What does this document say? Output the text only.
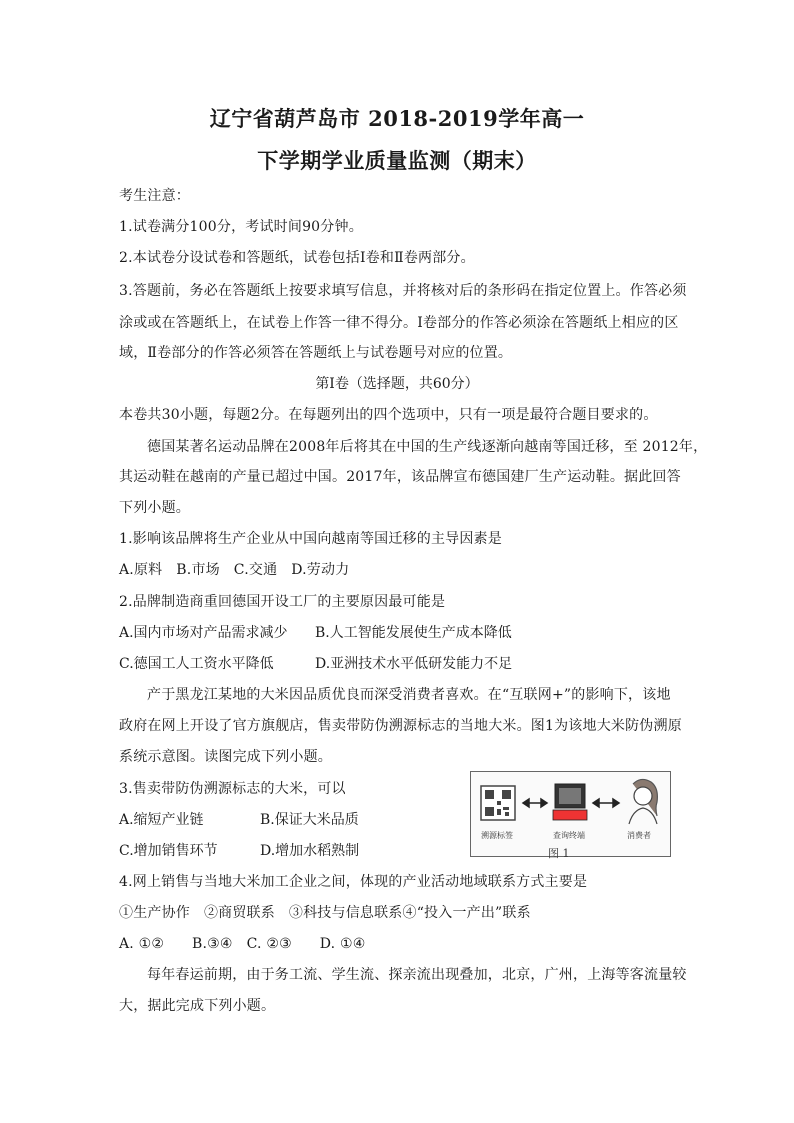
辽宁省葫芦岛市 2018-2019学年高一
下学期学业质量监测（期末）
考生注意：
1.试卷满分100分，考试时间90分钟。
2.本试卷分设试卷和答题纸，试卷包括Ⅰ卷和Ⅱ卷两部分。
3.答题前，务必在答题纸上按要求填写信息，并将核对后的条形码在指定位置上。作答必须
涂或或在答题纸上，在试卷上作答一律不得分。Ⅰ卷部分的作答必须涂在答题纸上相应的区
域，Ⅱ卷部分的作答必须答在答题纸上与试卷题号对应的位置。
第Ⅰ卷（选择题，共60分）
本卷共30小题，每题2分。在每题列出的四个选项中，只有一项是最符合题目要求的。
德国某著名运动品牌在2008年后将其在中国的生产线逐渐向越南等国迁移，至 2012年，
其运动鞋在越南的产量已超过中国。2017年，该品牌宣布德国建厂生产运动鞋。据此回答
下列小题。
1.影响该品牌将生产企业从中国向越南等国迁移的主导因素是
A.原料   B.市场   C.交通   D.劳动力
2.品牌制造商重回德国开设工厂的主要原因最可能是
A.国内市场对产品需求减少 B.人工智能发展使生产成本降低
C.德国工人工资水平降低	D.亚洲技术水平低研发能力不足
产于黑龙江某地的大米因品质优良而深受消费者喜欢。在“互联网+”的影响下，该地
政府在网上开设了官方旗舰店，售卖带防伪溯源标志的当地大米。图1为该地大米防伪溯原
系统示意图。读图完成下列小题。
3.售卖带防伪溯源标志的大米，可以
A.缩短产业链	B.保证大米品质
C.增加销售环节	D.增加水稻熟制
溯源标签	查询终端	消费者
图 1
4.网上销售与当地大米加工企业之间，体现的产业活动地域联系方式主要是
①生产协作   ②商贸联系   ③科技与信息联系④“投入一产出”联系
A. ①②      B.③④   C. ②③      D. ①④
每年春运前期，由于务工流、学生流、探亲流出现叠加，北京，广州，上海等客流量较
大，据此完成下列小题。
